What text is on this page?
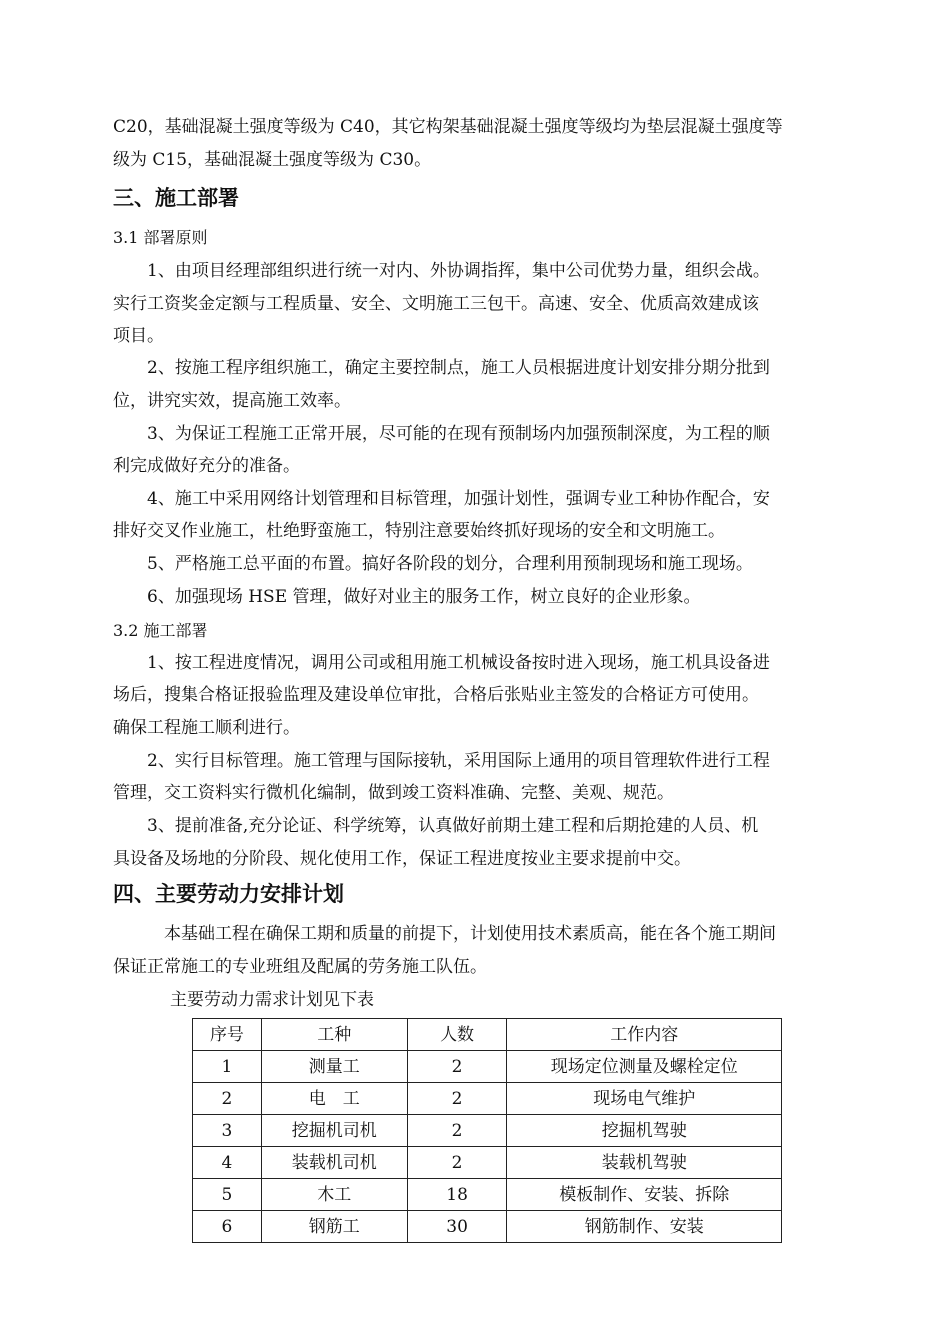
C20，基础混凝土强度等级为 C40，其它构架基础混凝土强度等级均为垫层混凝土强度等
级为 C15，基础混凝土强度等级为 C30。
三、施工部署
3.1 部署原则
1、由项目经理部组织进行统一对内、外协调指挥，集中公司优势力量，组织会战。
实行工资奖金定额与工程质量、安全、文明施工三包干。高速、安全、优质高效建成该
项目。
2、按施工程序组织施工，确定主要控制点，施工人员根据进度计划安排分期分批到
位，讲究实效，提高施工效率。
3、为保证工程施工正常开展，尽可能的在现有预制场内加强预制深度，为工程的顺
利完成做好充分的准备。
4、施工中采用网络计划管理和目标管理，加强计划性，强调专业工种协作配合，安
排好交叉作业施工，杜绝野蛮施工，特别注意要始终抓好现场的安全和文明施工。
5、严格施工总平面的布置。搞好各阶段的划分，合理利用预制现场和施工现场。
6、加强现场 HSE 管理，做好对业主的服务工作，树立良好的企业形象。
3.2 施工部署
1、按工程进度情况，调用公司或租用施工机械设备按时进入现场，施工机具设备进
场后，搜集合格证报验监理及建设单位审批，合格后张贴业主签发的合格证方可使用。
确保工程施工顺利进行。
2、实行目标管理。施工管理与国际接轨，采用国际上通用的项目管理软件进行工程
管理，交工资料实行微机化编制，做到竣工资料准确、完整、美观、规范。
3、提前准备,充分论证、科学统筹，认真做好前期土建工程和后期抢建的人员、机
具设备及场地的分阶段、规化使用工作，保证工程进度按业主要求提前中交。
四、主要劳动力安排计划
本基础工程在确保工期和质量的前提下，计划使用技术素质高，能在各个施工期间
保证正常施工的专业班组及配属的劳务施工队伍。
主要劳动力需求计划见下表
序号	工种	人数	工作内容
1	测量工	2	现场定位测量及螺栓定位
2	电　工	2	现场电气维护
3	挖掘机司机	2	挖掘机驾驶
4	装载机司机	2	装载机驾驶
5	木工	18	模板制作、安装、拆除
6	钢筋工	30	钢筋制作、安装
